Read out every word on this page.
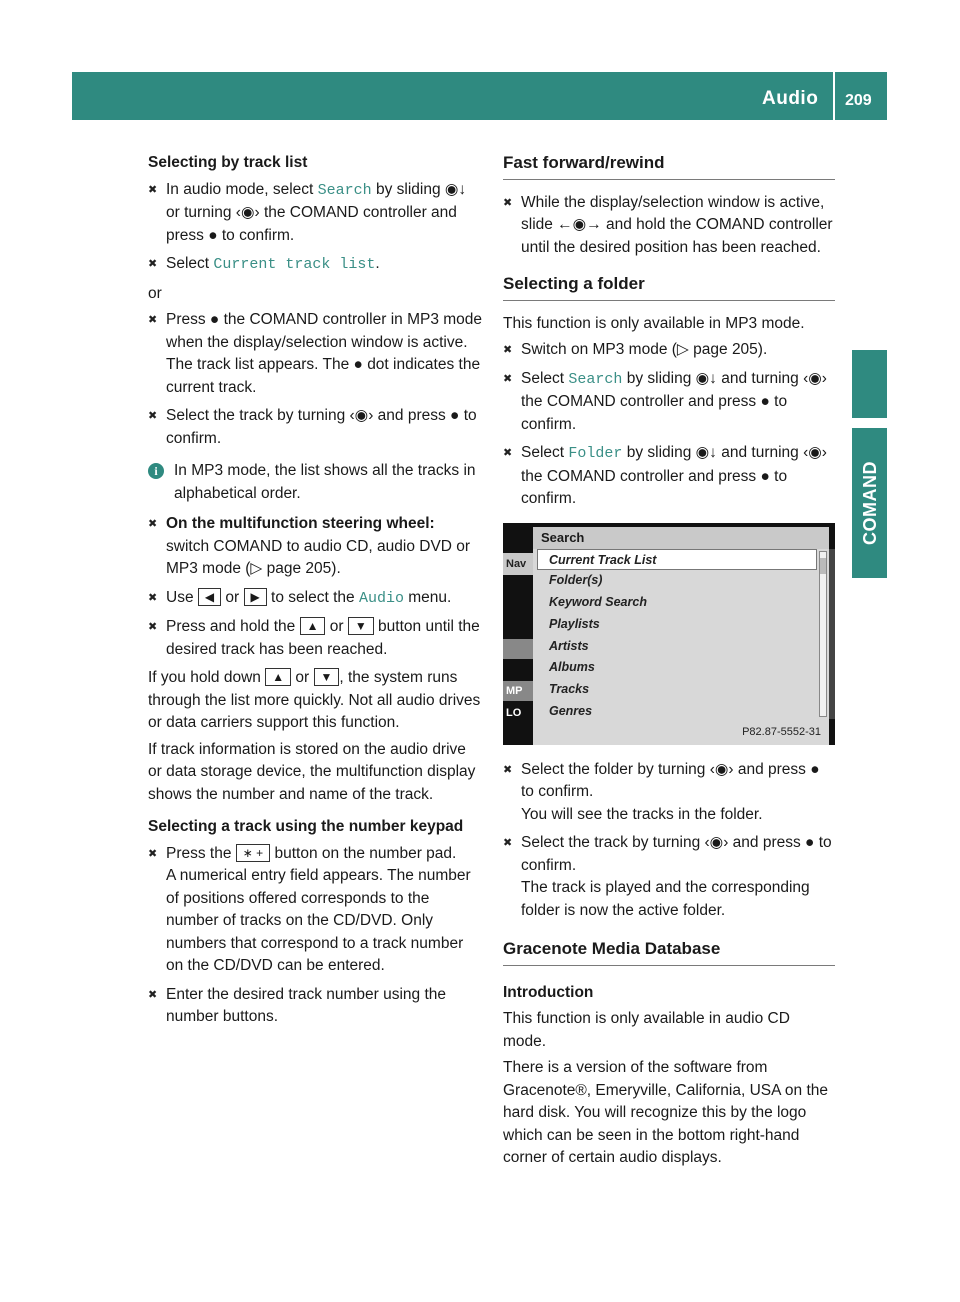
Audio 209
COMAND
Selecting by track list
✖ In audio mode, select Search by sliding ◉↓ or turning ‹◉› the COMAND controller and press ● to confirm.
✖ Select Current track list.
or
✖ Press ● the COMAND controller in MP3 mode when the display/selection window is active.
The track list appears. The ● dot indicates the current track.
✖ Select the track by turning ‹◉› and press ● to confirm.
i	In MP3 mode, the list shows all the tracks in alphabetical order.
✖ On the multifunction steering wheel:
switch COMAND to audio CD, audio DVD or MP3 mode (▷ page 205).
✖ Use ◀ or ▶ to select the Audio menu.
✖ Press and hold the ▲ or ▼ button until the desired track has been reached.
If you hold down ▲ or ▼ , the system runs through the list more quickly. Not all audio drives or data carriers support this function.
If track information is stored on the audio drive or data storage device, the multifunction display shows the number and name of the track.
Selecting a track using the number keypad
✖ Press the ∗ + button on the number pad.
A numerical entry field appears. The number of positions offered corresponds to the number of tracks on the CD/DVD. Only numbers that correspond to a track number on the CD/DVD can be entered.
✖ Enter the desired track number using the number buttons.
Fast forward/rewind
✖ While the display/selection window is active, slide ←◉→ and hold the COMAND controller until the desired position has been reached.
Selecting a folder
This function is only available in MP3 mode.
✖ Switch on MP3 mode (▷ page 205).
✖ Select Search by sliding ◉↓ and turning ‹◉› the COMAND controller and press ● to confirm.
✖ Select Folder by sliding ◉↓ and turning ‹◉› the COMAND controller and press ● to confirm.
Search
Nav
MP
LO
Current Track List
Folder(s)
Keyword Search
Playlists
Artists
Albums
Tracks
Genres
P82.87-5552-31
✖ Select the folder by turning ‹◉› and press ● to confirm.
You will see the tracks in the folder.
✖ Select the track by turning ‹◉› and press ● to confirm.
The track is played and the corresponding folder is now the active folder.
Gracenote Media Database
Introduction
This function is only available in audio CD mode.
There is a version of the software from Gracenote®, Emeryville, California, USA on the hard disk. You will recognize this by the logo which can be seen in the bottom right-hand corner of certain audio displays.
